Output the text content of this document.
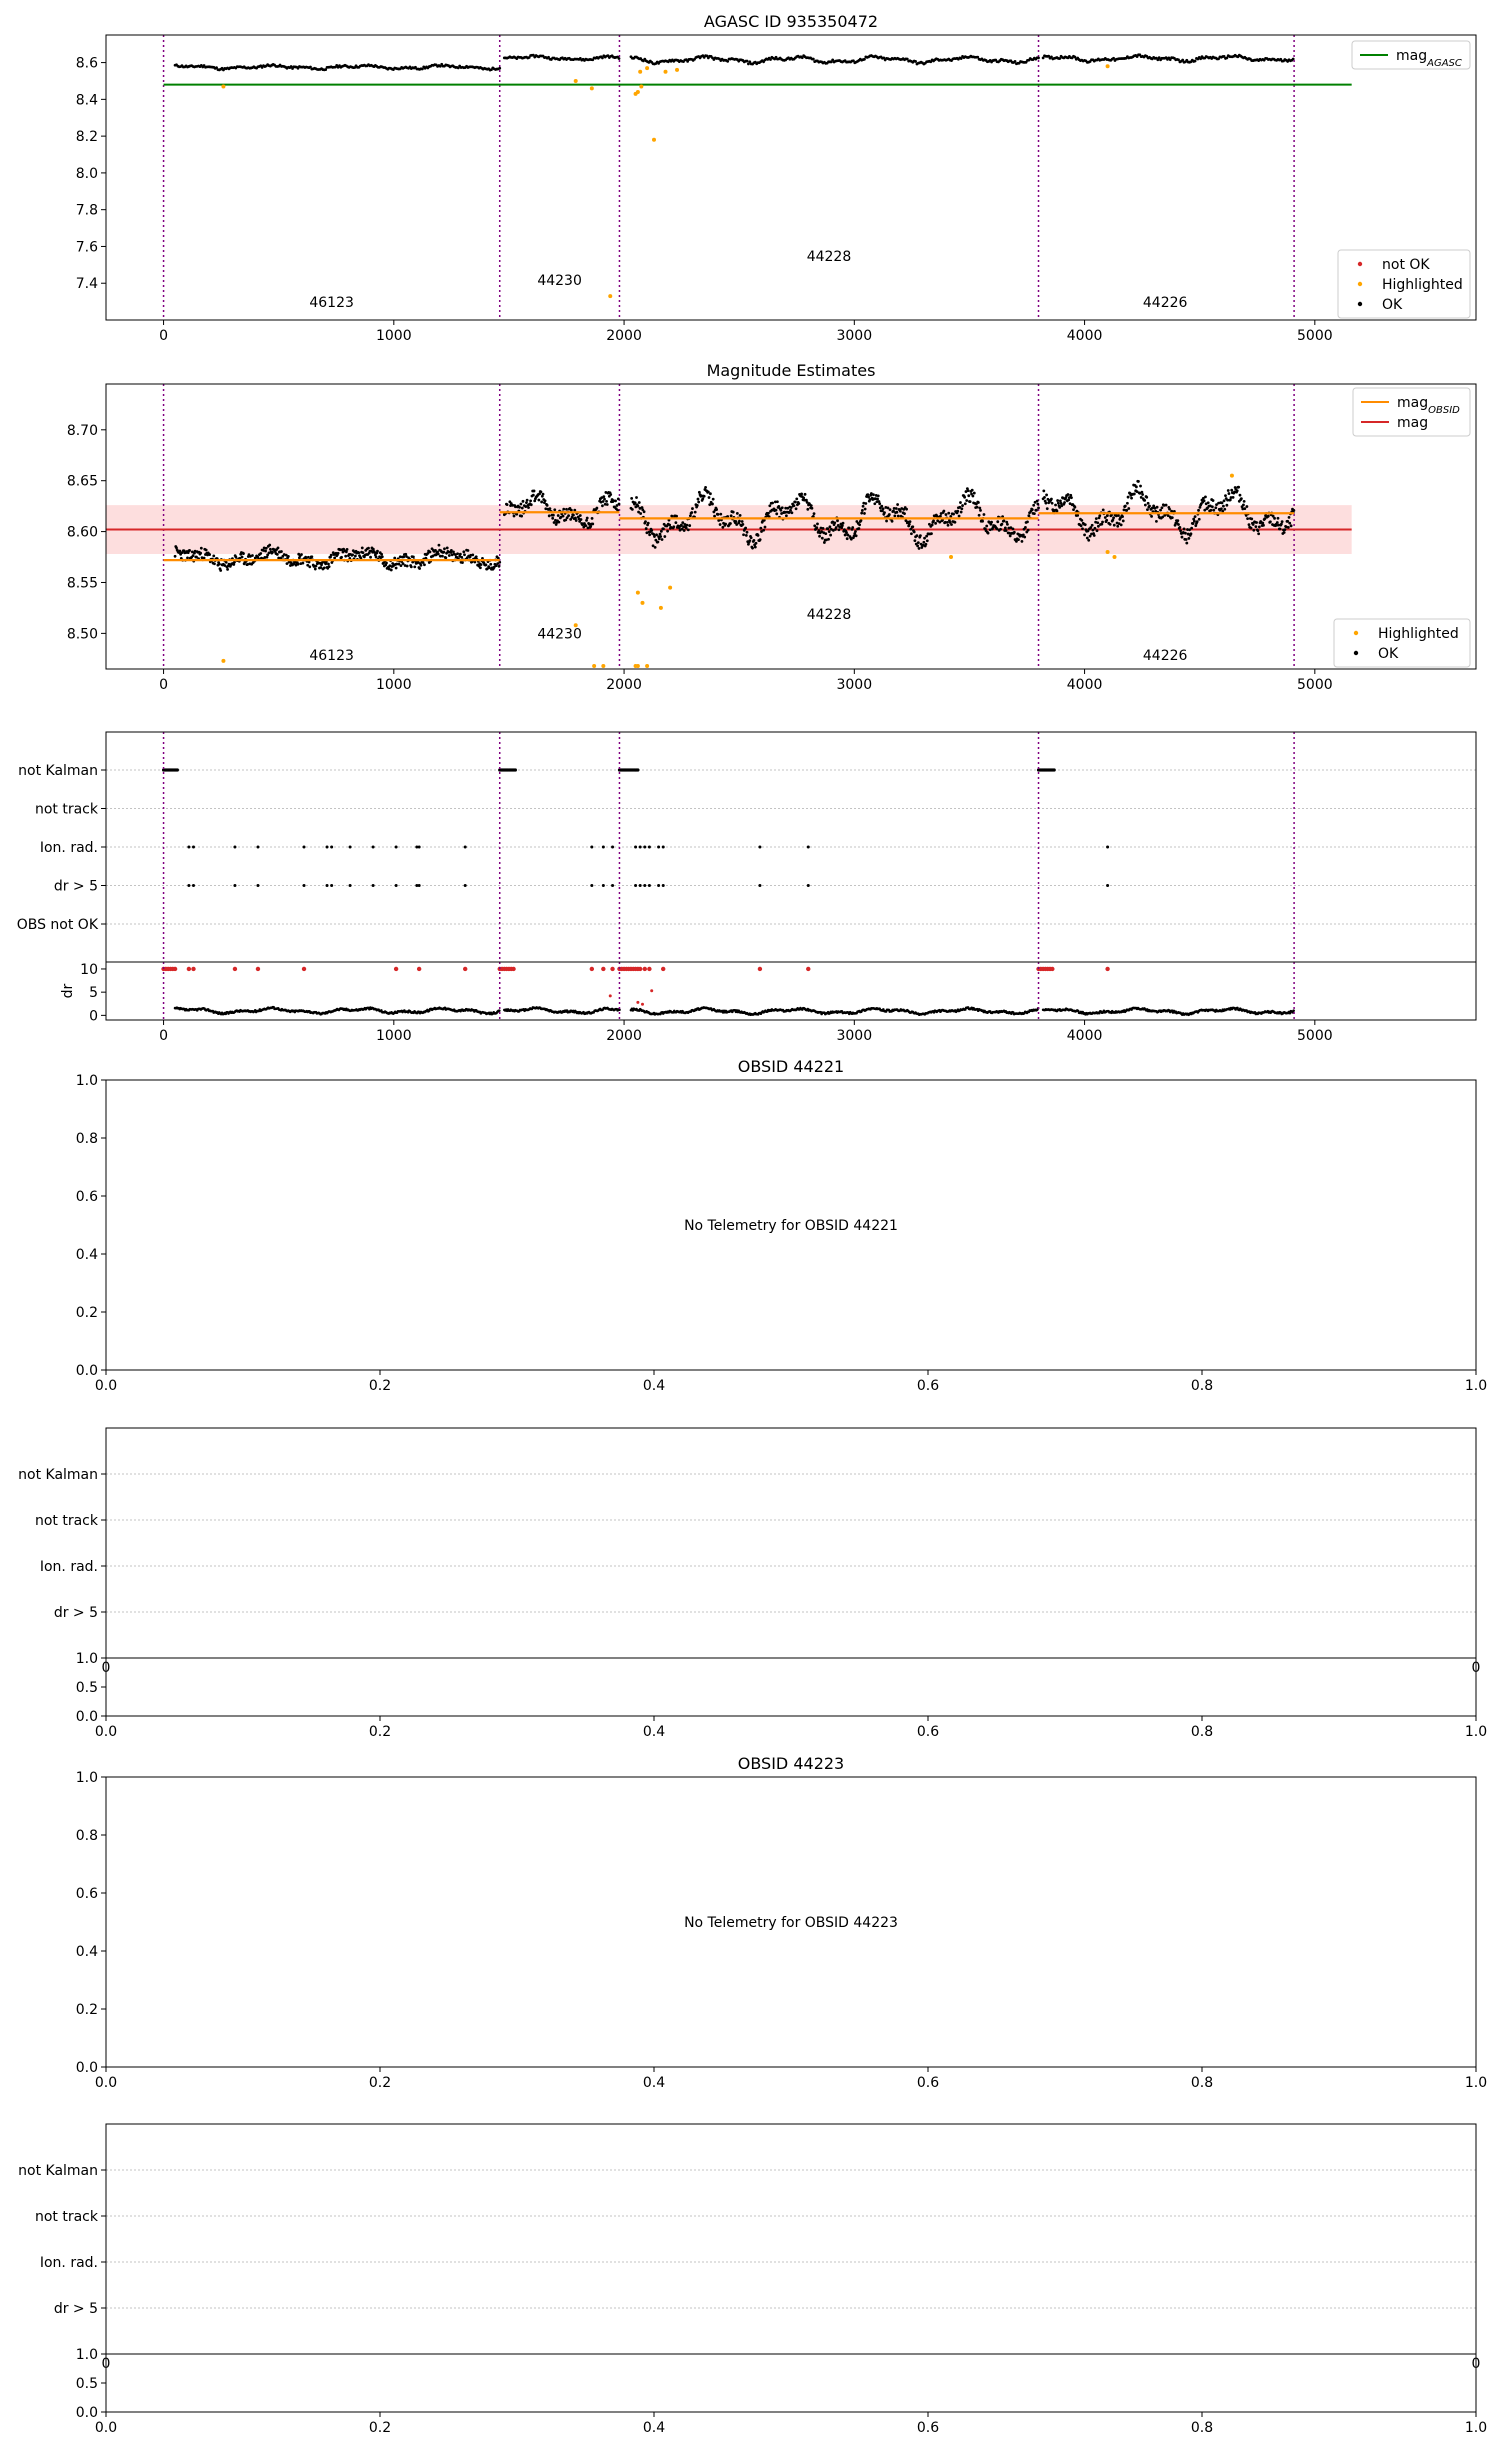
AGASC ID 935350472
46123
44230
44228
44226
0	1000	2000	3000	4000	5000
7.4
7.6
7.8
8.0
8.2
8.4
8.6	mag$_{AGASC}$
not OK
Highlighted
OK
Magnitude Estimates
46123
44230
44228
44226
0	1000	2000	3000	4000	5000
8.50
8.55
8.60
8.65
8.70
mag$_{OBSID}$
mag
Highlighted
OK
not Kalman
not track
Ion. rad.
dr > 5
OBS not OK
0
5
10
dr
0	1000	2000	3000	4000	5000
OBSID 44221
0.0	0.2	0.4	0.6	0.8	1.0
0.0
0.2
0.4
0.6
0.8
1.0
No Telemetry for OBSID 44221
not Kalman
not track
Ion. rad.
dr > 5
0	0
0.0
0.5
1.0
0.0	0.2	0.4	0.6	0.8	1.0
OBSID 44223
0.0	0.2	0.4	0.6	0.8	1.0
0.0
0.2
0.4
0.6
0.8
1.0
No Telemetry for OBSID 44223
not Kalman
not track
Ion. rad.
dr > 5
0	0
0.0
0.5
1.0
0.0	0.2	0.4	0.6	0.8	1.0
